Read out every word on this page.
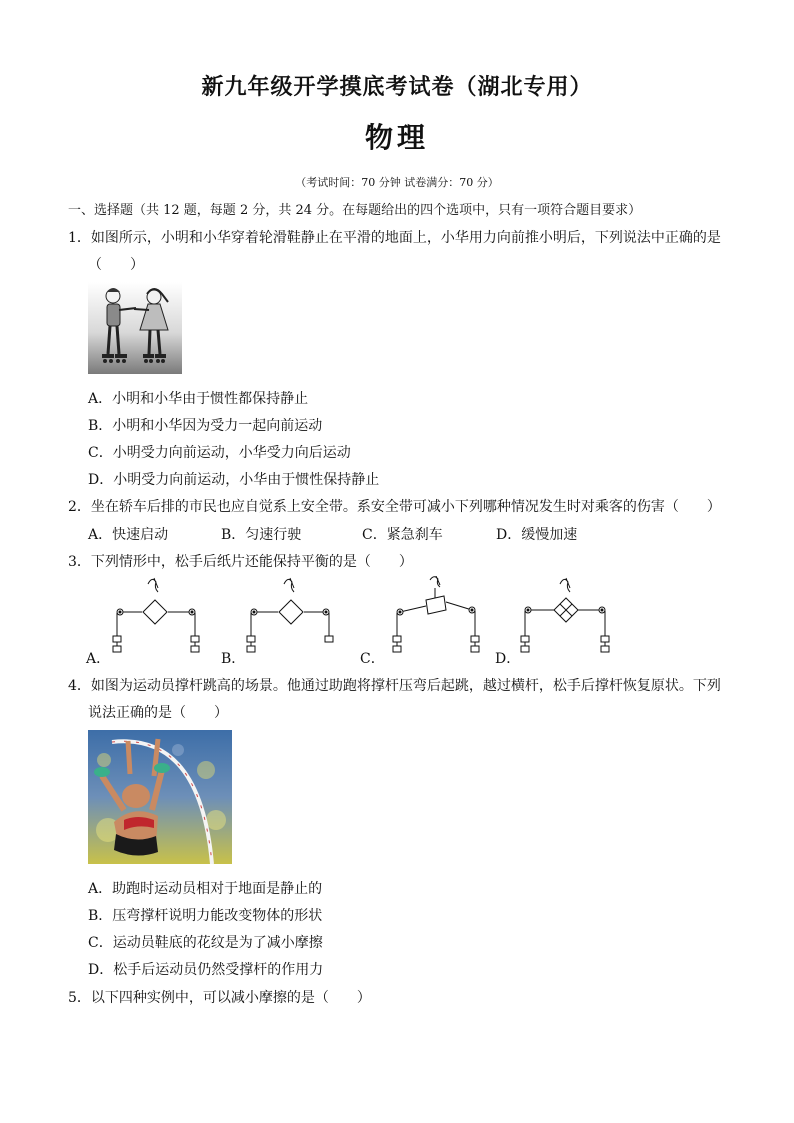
新九年级开学摸底考试卷（湖北专用）
物理
（考试时间：70 分钟 试卷满分：70 分）
一、选择题（共 12 题，每题 2 分，共 24 分。在每题给出的四个选项中，只有一项符合题目要求）
1．如图所示，小明和小华穿着轮滑鞋静止在平滑的地面上，小华用力向前推小明后，下列说法中正确的是
（　　）
A．小明和小华由于惯性都保持静止
B．小明和小华因为受力一起向前运动
C．小明受力向前运动，小华受力向后运动
D．小明受力向前运动，小华由于惯性保持静止
2．坐在轿车后排的市民也应自觉系上安全带。系安全带可减小下列哪种情况发生时对乘客的伤害（　　）
A．快速启动	B．匀速行驶	C．紧急刹车	D．缓慢加速
3．下列情形中，松手后纸片还能保持平衡的是（　　）
A．	B．	C．	D．
4．如图为运动员撑杆跳高的场景。他通过助跑将撑杆压弯后起跳，越过横杆，松手后撑杆恢复原状。下列
说法正确的是（　　）
A．助跑时运动员相对于地面是静止的
B．压弯撑杆说明力能改变物体的形状
C．运动员鞋底的花纹是为了减小摩擦
D．松手后运动员仍然受撑杆的作用力
5．以下四种实例中，可以减小摩擦的是（　　）
